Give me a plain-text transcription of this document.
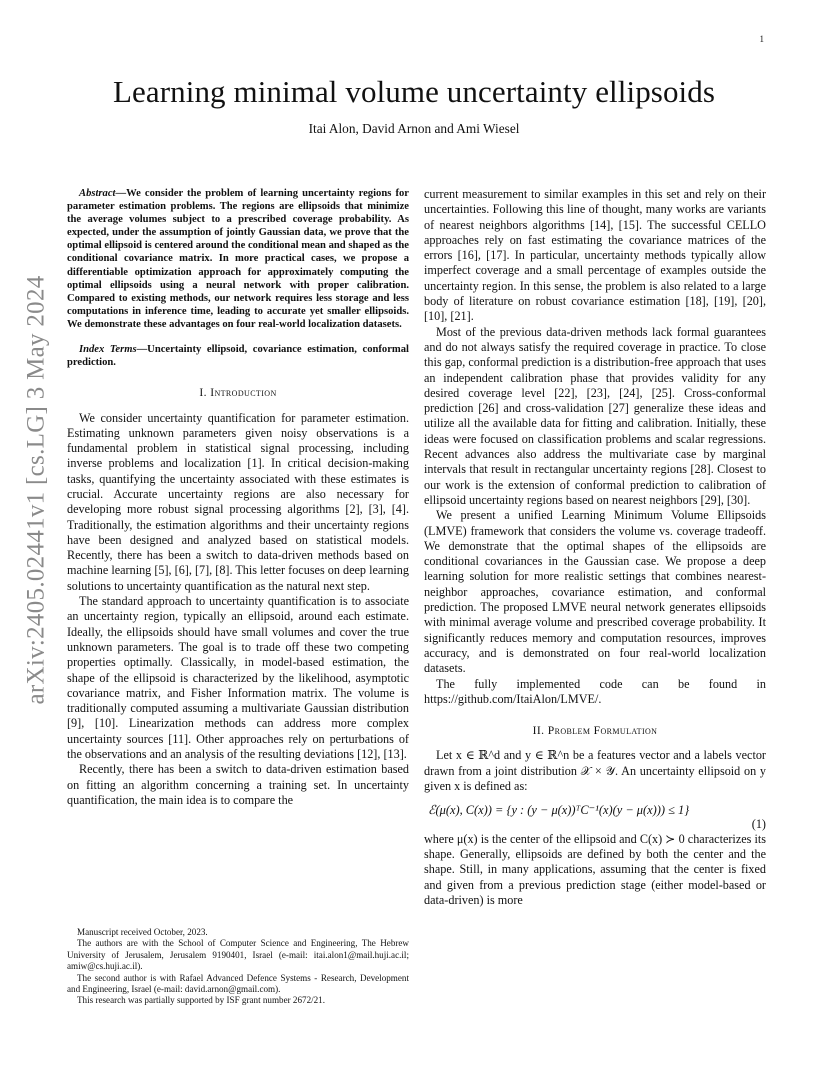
1
arXiv:2405.02441v1 [cs.LG] 3 May 2024
Learning minimal volume uncertainty ellipsoids
Itai Alon, David Arnon and Ami Wiesel

Abstract—We consider the problem of learning uncertainty regions for parameter estimation problems. The regions are ellipsoids that minimize the average volumes subject to a prescribed coverage probability. As expected, under the assumption of jointly Gaussian data, we prove that the optimal ellipsoid is centered around the conditional mean and shaped as the conditional covariance matrix. In more practical cases, we propose a differentiable optimization approach for approximately computing the optimal ellipsoids using a neural network with proper calibration. Compared to existing methods, our network requires less storage and less computations in inference time, leading to accurate yet smaller ellipsoids. We demonstrate these advantages on four real-world localization datasets.

Index Terms—Uncertainty ellipsoid, covariance estimation, conformal prediction.

I. Introduction

We consider uncertainty quantification for parameter estimation. Estimating unknown parameters given noisy observations is a fundamental problem in statistical signal processing, including inverse problems and localization [1]. In critical decision-making tasks, quantifying the uncertainty associated with these estimates is crucial. Accurate uncertainty regions are also necessary for developing more robust signal processing algorithms [2], [3], [4]. Traditionally, the estimation algorithms and their uncertainty regions have been designed and analyzed based on statistical models. Recently, there has been a switch to data-driven methods based on machine learning [5], [6], [7], [8]. This letter focuses on deep learning solutions to uncertainty quantification as the natural next step.

The standard approach to uncertainty quantification is to associate an uncertainty region, typically an ellipsoid, around each estimate. Ideally, the ellipsoids should have small volumes and cover the true unknown parameters. The goal is to trade off these two competing properties optimally. Classically, in model-based estimation, the shape of the ellipsoid is characterized by the likelihood, asymptotic covariance matrix, and Fisher Information matrix. The volume is traditionally computed assuming a multivariate Gaussian distribution [9], [10]. Linearization methods can address more complex uncertainty sources [11]. Other approaches rely on perturbations of the observations and an analysis of the resulting deviations [12], [13].

Recently, there has been a switch to data-driven estimation based on fitting an algorithm concerning a training set. In uncertainty quantification, the main idea is to compare the

Manuscript received October, 2023.

The authors are with the School of Computer Science and Engineering, The Hebrew University of Jerusalem, Jerusalem 9190401, Israel (e-mail: itai.alon1@mail.huji.ac.il; amiw@cs.huji.ac.il).

The second author is with Rafael Advanced Defence Systems - Research, Development and Engineering, Israel (e-mail: david.arnon@gmail.com).

This research was partially supported by ISF grant number 2672/21.

current measurement to similar examples in this set and rely on their uncertainties. Following this line of thought, many works are variants of nearest neighbors algorithms [14], [15]. The successful CELLO approaches rely on fast estimating the covariance matrices of the errors [16], [17]. In particular, uncertainty methods typically allow imperfect coverage and a small percentage of examples outside the uncertainty region. In this sense, the problem is also related to a large body of literature on robust covariance estimation [18], [19], [20], [10], [21].

Most of the previous data-driven methods lack formal guarantees and do not always satisfy the required coverage in practice. To close this gap, conformal prediction is a distribution-free approach that uses an independent calibration phase that provides validity for any desired coverage level [22], [23], [24], [25]. Cross-conformal prediction [26] and cross-validation [27] generalize these ideas and utilize all the available data for fitting and calibration. Initially, these ideas were focused on classification problems and scalar regressions. Recent advances also address the multivariate case by marginal intervals that result in rectangular uncertainty regions [28]. Closest to our work is the extension of conformal prediction to calibration of ellipsoid uncertainty regions based on nearest neighbors [29], [30].

We present a unified Learning Minimum Volume Ellipsoids (LMVE) framework that considers the volume vs. coverage tradeoff. We demonstrate that the optimal shapes of the ellipsoids are conditional covariances in the Gaussian case. We propose a deep learning solution for more realistic settings that combines nearest-neighbor approaches, covariance estimation, and conformal prediction. The proposed LMVE neural network generates ellipsoids with minimal average volume and prescribed coverage probability. It significantly reduces memory and computation resources, improves accuracy, and is demonstrated on four real-world localization datasets.

The fully implemented code can be found in https://github.com/ItaiAlon/LMVE/.

II. Problem Formulation

Let x ∈ ℝ^d and y ∈ ℝ^n be a features vector and a labels vector drawn from a joint distribution 𝒳 × 𝒴. An uncertainty ellipsoid on y given x is defined as:

ℰ(μ(x), C(x)) = {y : (y − μ(x))ᵀC⁻¹(x)(y − μ(x))) ≤ 1}
(1)

where μ(x) is the center of the ellipsoid and C(x) ≻ 0 characterizes its shape. Generally, ellipsoids are defined by both the center and the shape. Still, in many applications, assuming that the center is fixed and given from a previous prediction stage (either model-based or data-driven) is more
